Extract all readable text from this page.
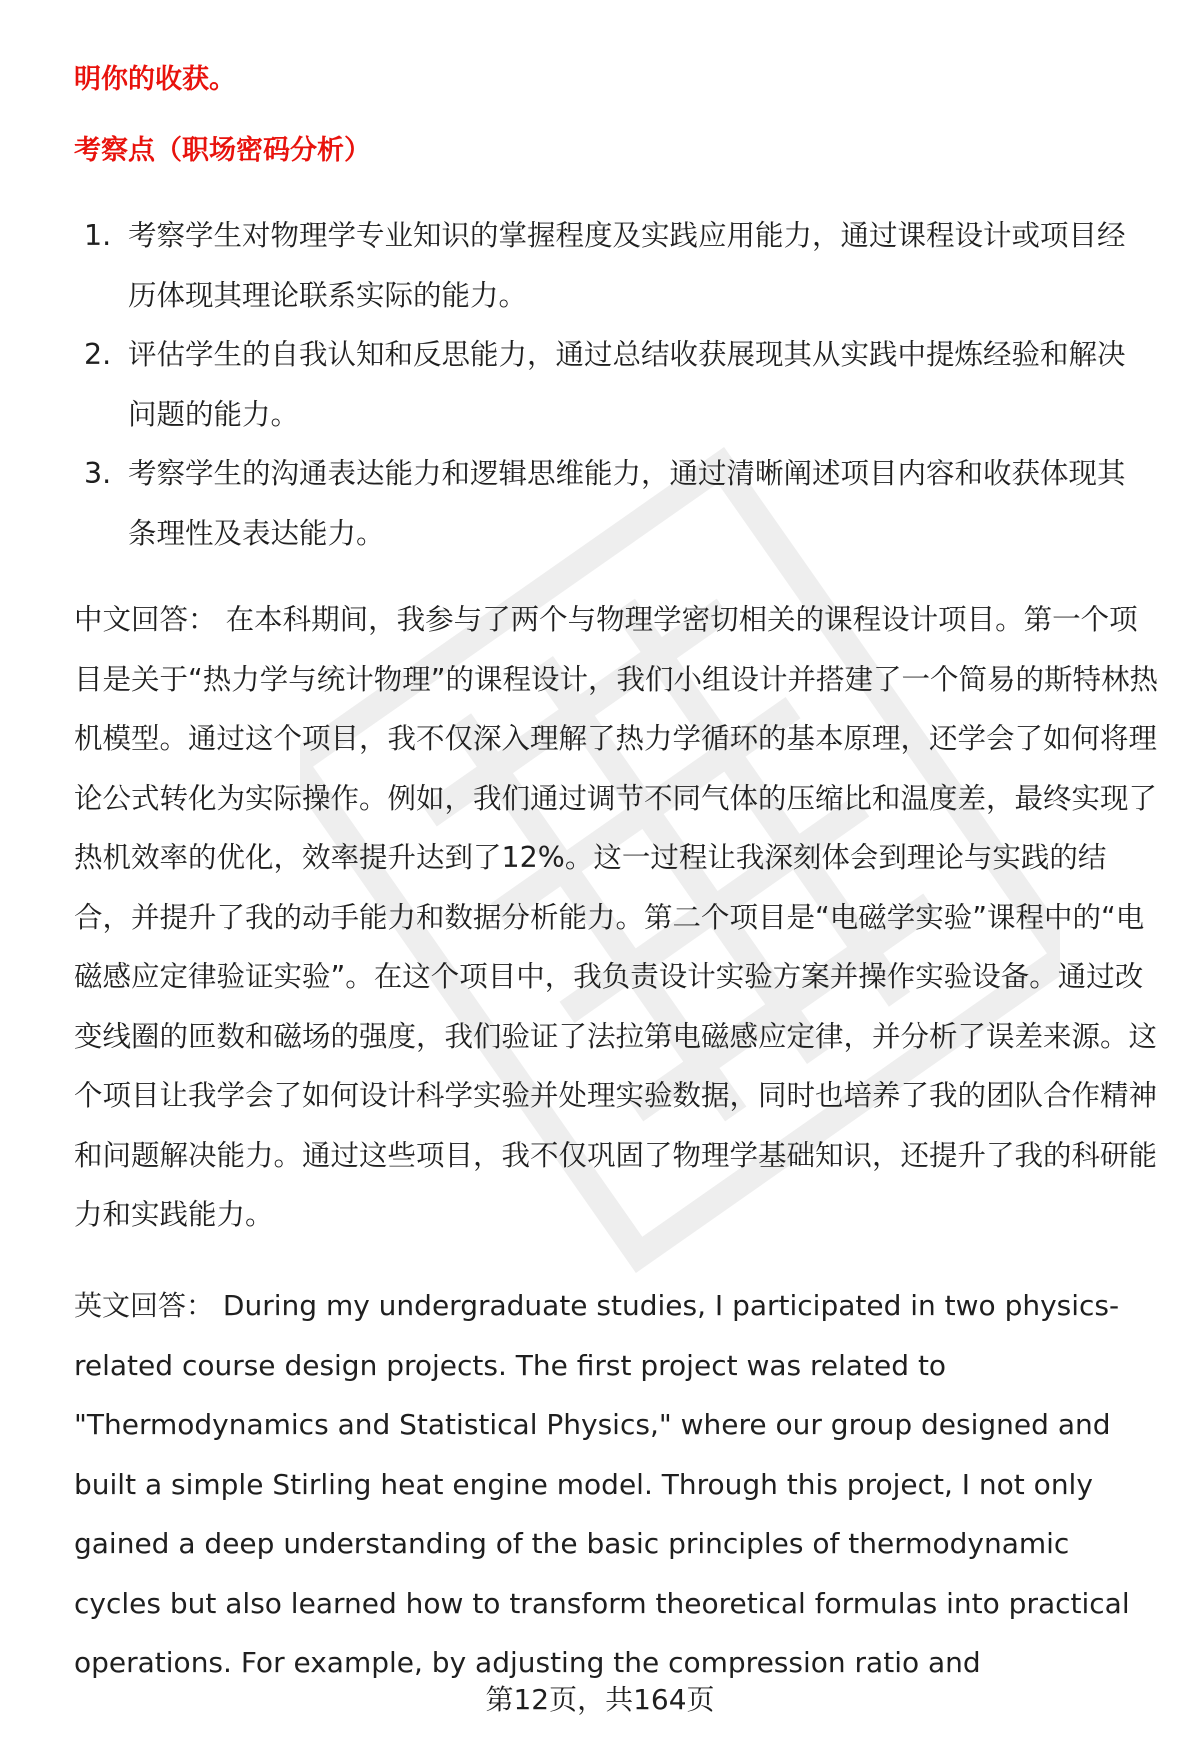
明你的收获。

考察点（职场密码分析）

1. 考察学生对物理学专业知识的掌握程度及实践应用能力，通过课程设计或项目经历体现其理论联系实际的能力。
2. 评估学生的自我认知和反思能力，通过总结收获展现其从实践中提炼经验和解决问题的能力。
3. 考察学生的沟通表达能力和逻辑思维能力，通过清晰阐述项目内容和收获体现其条理性及表达能力。

中文回答： 在本科期间，我参与了两个与物理学密切相关的课程设计项目。第一个项目是关于“热力学与统计物理”的课程设计，我们小组设计并搭建了一个简易的斯特林热机模型。通过这个项目，我不仅深入理解了热力学循环的基本原理，还学会了如何将理论公式转化为实际操作。例如，我们通过调节不同气体的压缩比和温度差，最终实现了热机效率的优化，效率提升达到了12%。这一过程让我深刻体会到理论与实践的结合，并提升了我的动手能力和数据分析能力。第二个项目是“电磁学实验”课程中的“电磁感应定律验证实验”。在这个项目中，我负责设计实验方案并操作实验设备。通过改变线圈的匝数和磁场的强度，我们验证了法拉第电磁感应定律，并分析了误差来源。这个项目让我学会了如何设计科学实验并处理实验数据，同时也培养了我的团队合作精神和问题解决能力。通过这些项目，我不仅巩固了物理学基础知识，还提升了我的科研能力和实践能力。

英文回答： During my undergraduate studies, I participated in two physics-related course design projects. The first project was related to "Thermodynamics and Statistical Physics," where our group designed and built a simple Stirling heat engine model. Through this project, I not only gained a deep understanding of the basic principles of thermodynamic cycles but also learned how to transform theoretical formulas into practical operations. For example, by adjusting the compression ratio and

第12页，共164页
